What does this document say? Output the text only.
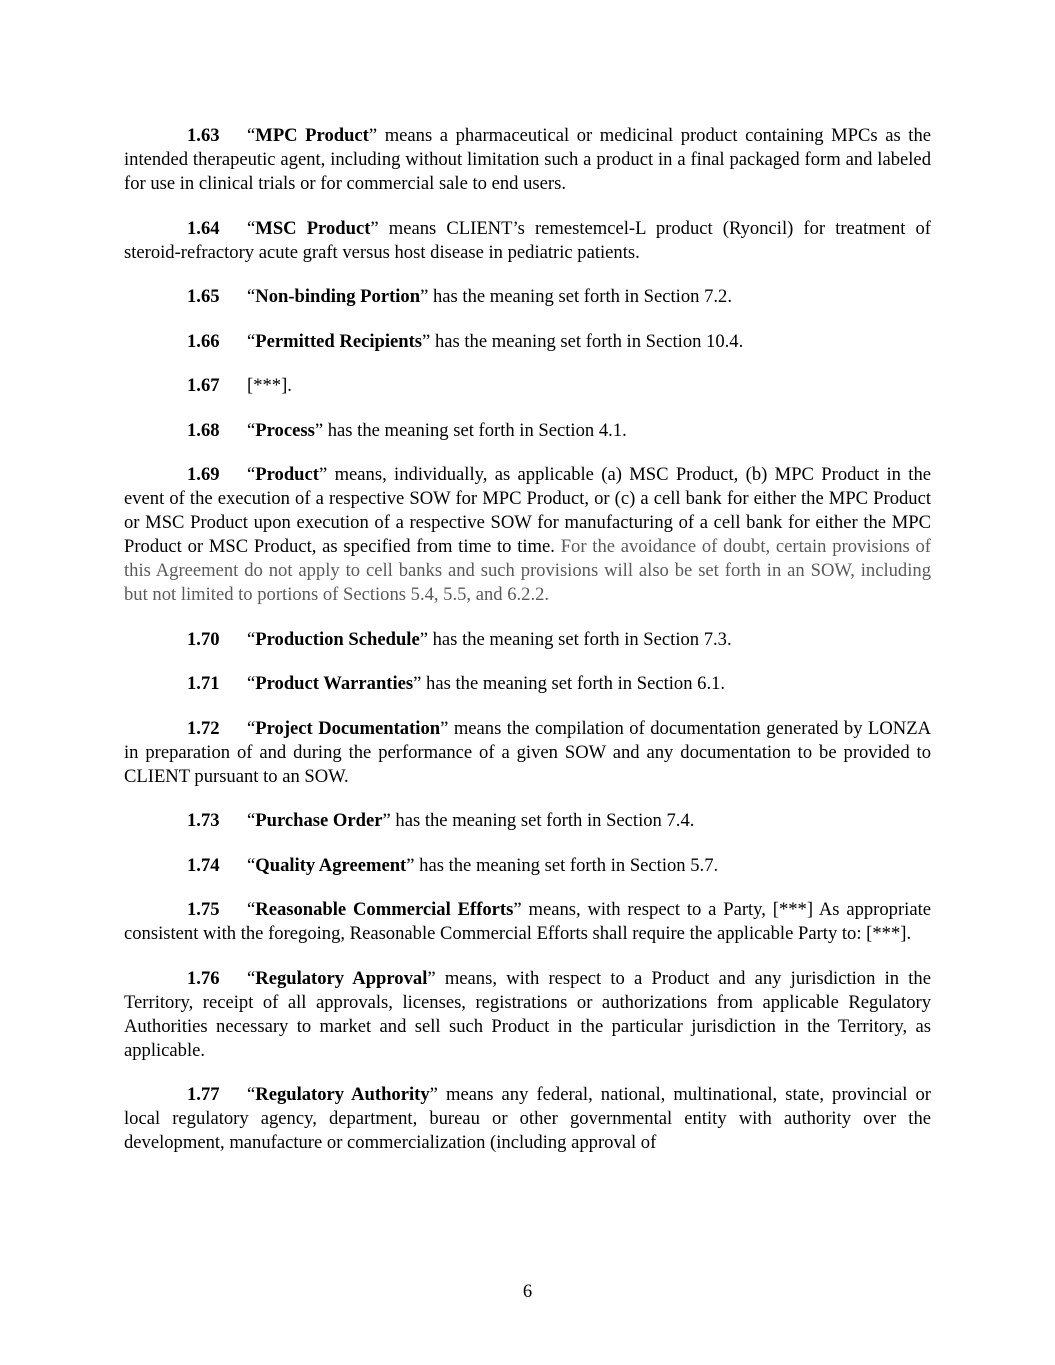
1.63 “MPC Product” means a pharmaceutical or medicinal product containing MPCs as the intended therapeutic agent, including without limitation such a product in a final packaged form and labeled for use in clinical trials or for commercial sale to end users.

1.64 “MSC Product” means CLIENT’s remestemcel-L product (Ryoncil) for treatment of steroid-refractory acute graft versus host disease in pediatric patients.

1.65 “Non-binding Portion” has the meaning set forth in Section 7.2.

1.66 “Permitted Recipients” has the meaning set forth in Section 10.4.

1.67 [***].

1.68 “Process” has the meaning set forth in Section 4.1.

1.69 “Product” means, individually, as applicable (a) MSC Product, (b) MPC Product in the event of the execution of a respective SOW for MPC Product, or (c) a cell bank for either the MPC Product or MSC Product upon execution of a respective SOW for manufacturing of a cell bank for either the MPC Product or MSC Product, as specified from time to time. For the avoidance of doubt, certain provisions of this Agreement do not apply to cell banks and such provisions will also be set forth in an SOW, including but not limited to portions of Sections 5.4, 5.5, and 6.2.2.

1.70 “Production Schedule” has the meaning set forth in Section 7.3.

1.71 “Product Warranties” has the meaning set forth in Section 6.1.

1.72 “Project Documentation” means the compilation of documentation generated by LONZA in preparation of and during the performance of a given SOW and any documentation to be provided to CLIENT pursuant to an SOW.

1.73 “Purchase Order” has the meaning set forth in Section 7.4.

1.74 “Quality Agreement” has the meaning set forth in Section 5.7.

1.75 “Reasonable Commercial Efforts” means, with respect to a Party, [***] As appropriate consistent with the foregoing, Reasonable Commercial Efforts shall require the applicable Party to: [***].

1.76 “Regulatory Approval” means, with respect to a Product and any jurisdiction in the Territory, receipt of all approvals, licenses, registrations or authorizations from applicable Regulatory Authorities necessary to market and sell such Product in the particular jurisdiction in the Territory, as applicable.

1.77 “Regulatory Authority” means any federal, national, multinational, state, provincial or local regulatory agency, department, bureau or other governmental entity with authority over the development, manufacture or commercialization (including approval of

6
